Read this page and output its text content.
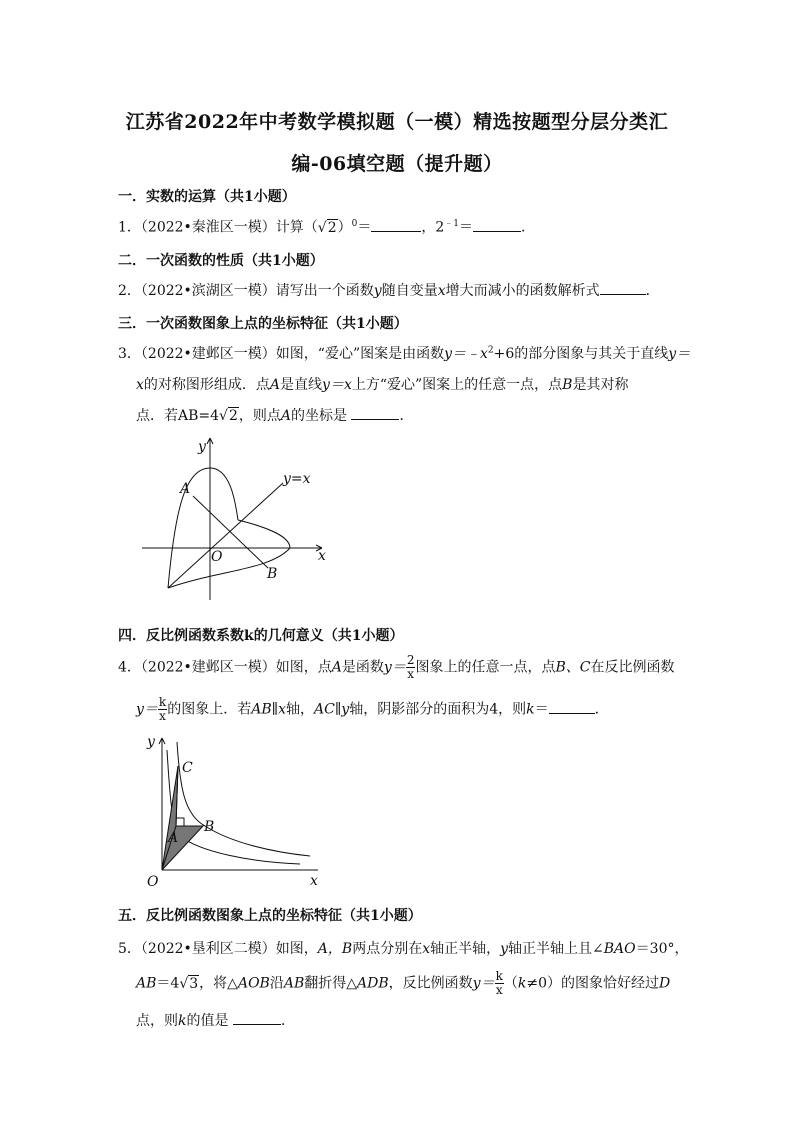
江苏省2022年中考数学模拟题（一模）精选按题型分层分类汇
编-06填空题（提升题）
一．实数的运算（共1小题）
1．（2022•秦淮区一模）计算$(√2)^0=$	，$2^{﹣1}=$	．
二．一次函数的性质（共1小题）
2．（2022•滨湖区一模）请写出一个函数y随自变量x增大而减小的函数解析式	．
三．一次函数图象上点的坐标特征（共1小题）
3．（2022•建邺区一模）如图，“爱心”图案是由函数$y=﹣x^2+6$的部分图象与其关于直线y＝
x的对称图形组成．点A是直线y＝x上方“爱心”图案上的任意一点，点B是其对称
点．若AB=4√2，则点A的坐标是	．
y
x
O
A
B
y=x
四．反比例函数系数k的几何意义（共1小题）
4．（2022•建邺区一模）如图，点A是函数$y= \frac{2}{x}$ 图象上的任意一点，点B、C在反比例函数
$y= \frac{k}{x}$ 的图象上．若AB∥x轴，AC∥y轴，阴影部分的面积为4，则k＝	．
y
x
O
A
B
C
五．反比例函数图象上点的坐标特征（共1小题）
5．（2022•垦利区二模）如图，A，B两点分别在x轴正半轴，y轴正半轴上且∠BAO＝30°，
AB＝4√3，将△AOB沿AB翻折得△ADB，反比例函数$y= \frac{k}{x} (k\ne 0)$的图象恰好经过D
点，则k的值是	．
